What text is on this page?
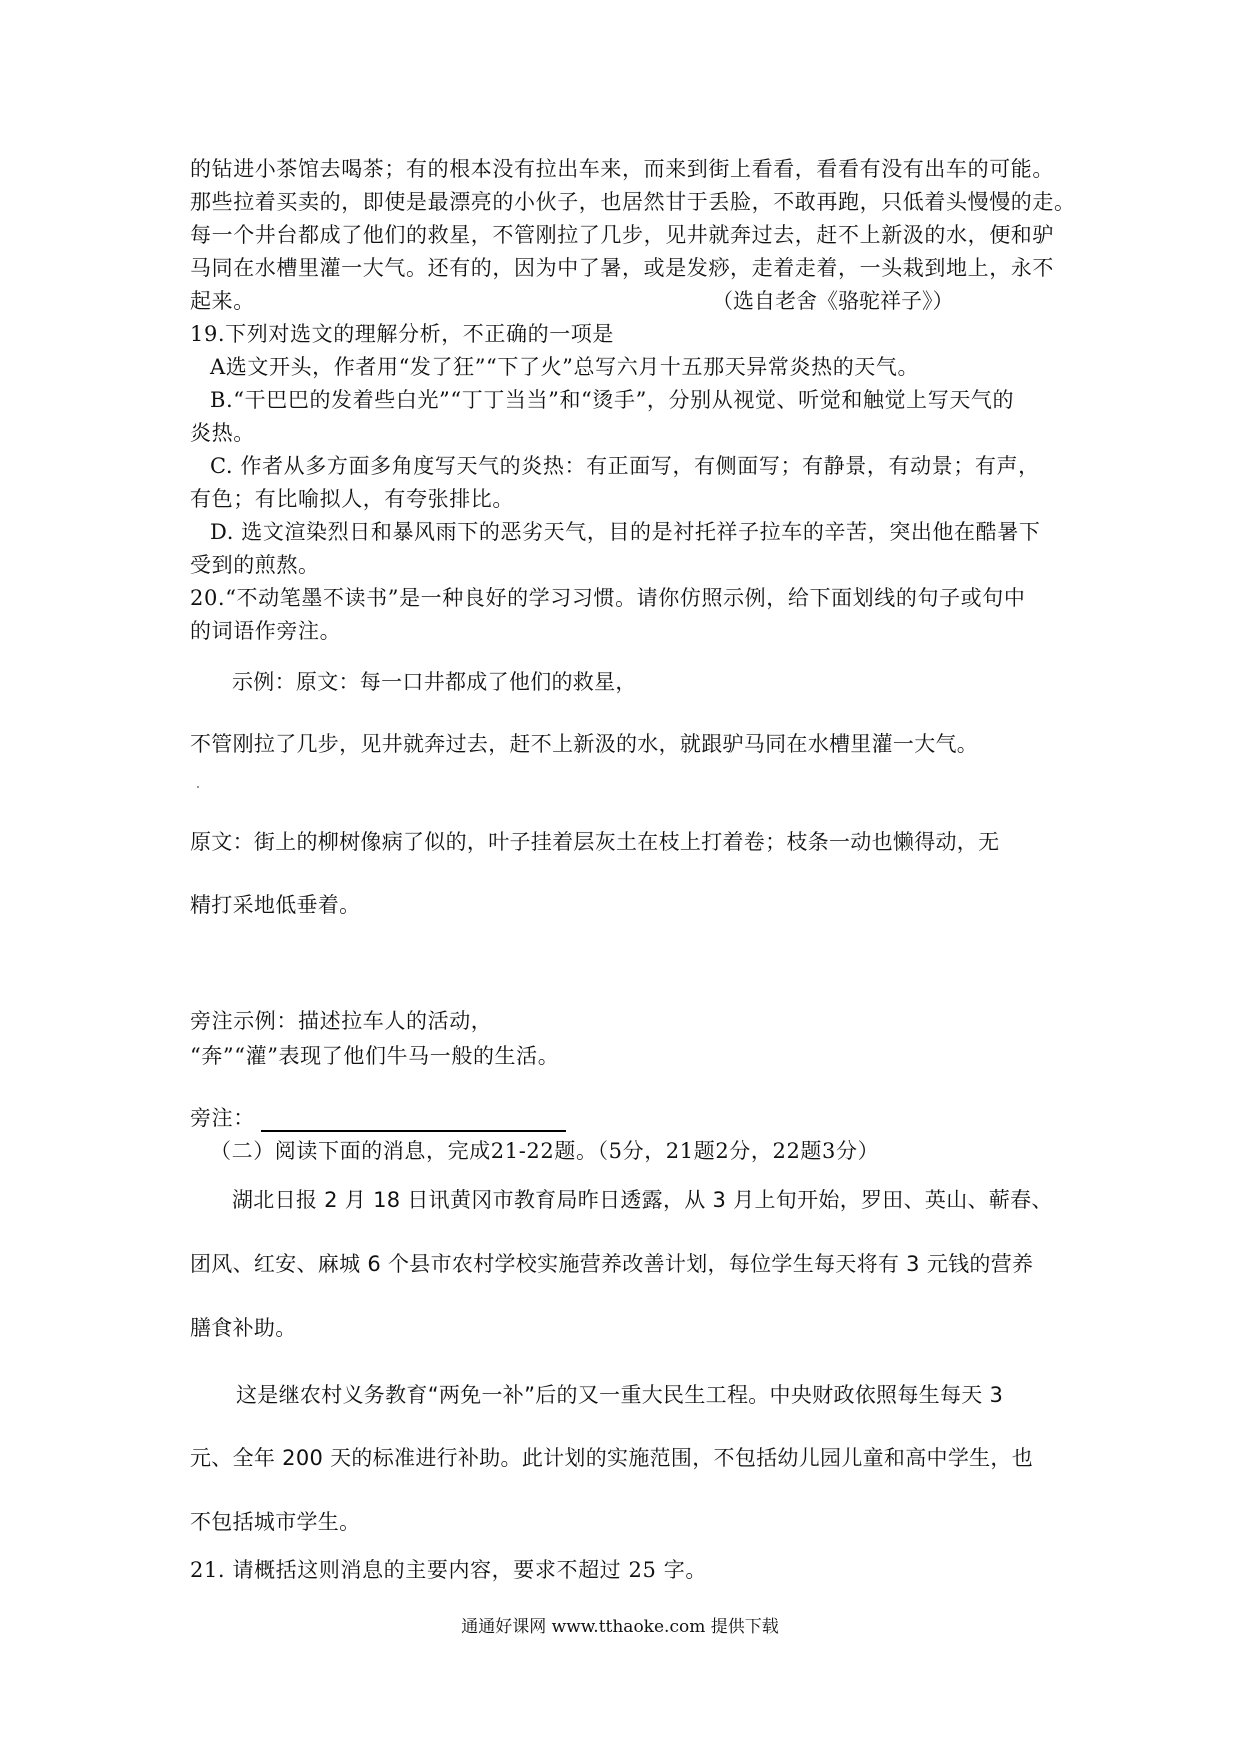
的钻进小茶馆去喝茶；有的根本没有拉出车来，而来到街上看看，看看有没有出车的可能。
那些拉着买卖的，即使是最漂亮的小伙子，也居然甘于丢脸，不敢再跑，只低着头慢慢的走。
每一个井台都成了他们的救星，不管刚拉了几步，见井就奔过去，赶不上新汲的水，便和驴
马同在水槽里灌一大气。还有的，因为中了暑，或是发痧，走着走着，一头栽到地上，永不
起来。	（选自老舍《骆驼祥子》）
19.下列对选文的理解分析，不正确的一项是
A选文开头，作者用“发了狂”“下了火”总写六月十五那天异常炎热的天气。
B.“干巴巴的发着些白光”“丁丁当当”和“烫手”，分别从视觉、听觉和触觉上写天气的
炎热。
C. 作者从多方面多角度写天气的炎热：有正面写，有侧面写；有静景，有动景；有声，
有色；有比喻拟人，有夸张排比。
D. 选文渲染烈日和暴风雨下的恶劣天气，目的是衬托祥子拉车的辛苦，突出他在酷暑下
受到的煎熬。
20.“不动笔墨不读书”是一种良好的学习习惯。请你仿照示例，给下面划线的句子或句中
的词语作旁注。
示例：原文：每一口井都成了他们的救星，
不管刚拉了几步，见井就奔过去，赶不上新汲的水，就跟驴马同在水槽里灌一大气。
原文：街上的柳树像病了似的，叶子挂着层灰土在枝上打着卷；枝条一动也懒得动，无
精打采地低垂着。
旁注示例：描述拉车人的活动，
“奔”“灌”表现了他们牛马一般的生活。
旁注：
（二）阅读下面的消息，完成21-22题。（5分，21题2分，22题3分）
湖北日报 2 月 18 日讯黄冈市教育局昨日透露，从 3 月上旬开始，罗田、英山、蕲春、
团风、红安、麻城 6 个县市农村学校实施营养改善计划，每位学生每天将有 3 元钱的营养
膳食补助。
这是继农村义务教育“两免一补”后的又一重大民生工程。中央财政依照每生每天 3
元、全年 200 天的标准进行补助。此计划的实施范围，不包括幼儿园儿童和高中学生，也
不包括城市学生。
21. 请概括这则消息的主要内容，要求不超过 25 字。
通通好课网 www.tthaoke.com 提供下载
